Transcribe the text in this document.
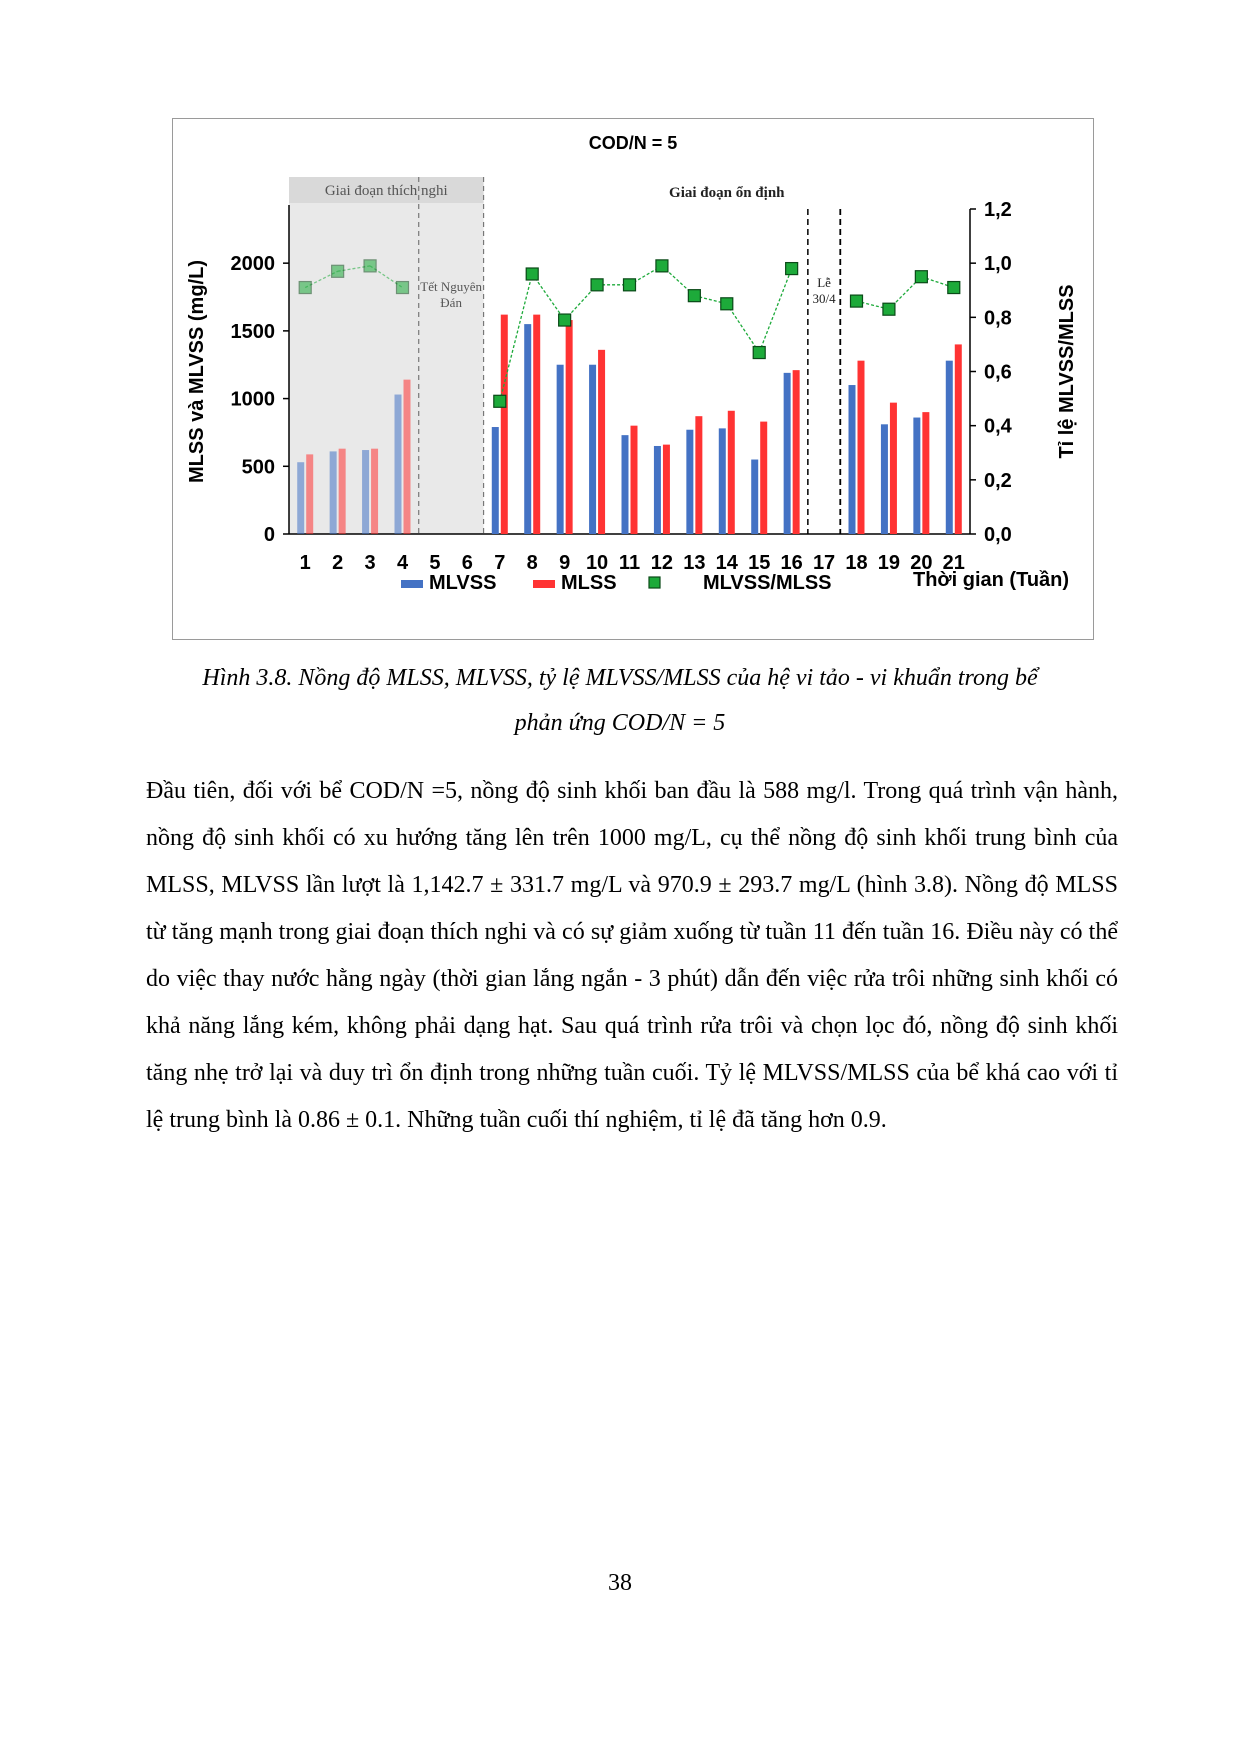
Giai đoạn thích nghi	Giai đoạn ổn định
COD/N = 5
Tết Nguyên
Đán
Lễ
30/4
0
500
1000
1500
2000
0,0
0,2
0,4
0,6
0,8
1,0
1,2
1 2 3 4 5 6 7 8 9 10 11 12 13 14 15 16 17 18 19 20 21
MLSS và MLVSS (mg/L)	Tỉ lệ MLVSS/MLSS
MLVSS	MLSS	MLVSS/MLSS	Thời gian (Tuần)
Hình 3.8. Nồng độ MLSS, MLVSS, tỷ lệ MLVSS/MLSS của hệ vi tảo - vi khuẩn trong bể
phản ứng COD/N = 5

Đầu tiên, đối với bể COD/N =5, nồng độ sinh khối ban đầu là 588 mg/l. Trong quá trình vận hành, nồng độ sinh khối có xu hướng tăng lên trên 1000 mg/L, cụ thể nồng độ sinh khối trung bình của MLSS, MLVSS lần lượt là 1,142.7 ± 331.7 mg/L và 970.9 ± 293.7 mg/L (hình 3.8). Nồng độ MLSS từ tăng mạnh trong giai đoạn thích nghi và có sự giảm xuống từ tuần 11 đến tuần 16. Điều này có thể do việc thay nước hằng ngày (thời gian lắng ngắn - 3 phút) dẫn đến việc rửa trôi những sinh khối có khả năng lắng kém, không phải dạng hạt. Sau quá trình rửa trôi và chọn lọc đó, nồng độ sinh khối tăng nhẹ trở lại và duy trì ổn định trong những tuần cuối. Tỷ lệ MLVSS/MLSS của bể khá cao với tỉ lệ trung bình là 0.86 ± 0.1. Những tuần cuối thí nghiệm, tỉ lệ đã tăng hơn 0.9.

38
